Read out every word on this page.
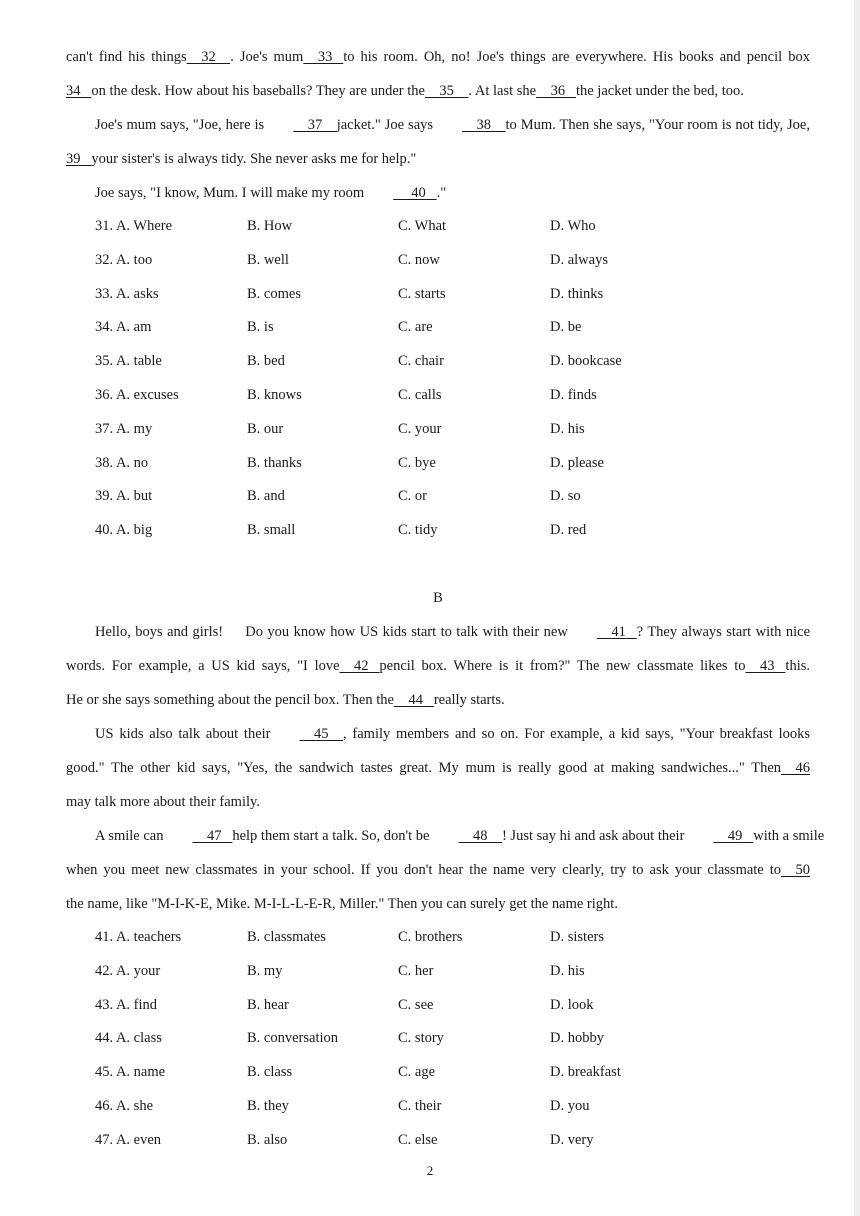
can't find his things    32    . Joe's mum    33   to his room. Oh, no! Joe's things are everywhere. His books and pencil box
34 on the desk. How about his baseballs? They are under the    35    . At last she    36   the jacket under the bed, too.
Joe's mum says, "Joe, here is    37    jacket." Joe says    38    to Mum. Then she says, "Your room is not tidy, Joe,
39 your sister's is always tidy. She never asks me for help."
Joe says, "I know, Mum. I will make my room     40   ."
31. A. Where	B. How	C. What	D. Who
32. A. too	B. well	C. now	D. always
33. A. asks	B. comes	C. starts	D. thinks
34. A. am	B. is	C. are	D. be
35. A. table	B. bed	C. chair	D. bookcase
36. A. excuses	B. knows	C. calls	D. finds
37. A. my	B. our	C. your	D. his
38. A. no	B. thanks	C. bye	D. please
39. A. but	B. and	C. or	D. so
40. A. big	B. small	C. tidy	D. red
B
Hello, boys and girls!     Do you know how US kids start to talk with their new	41 ? They always start with nice
words. For example, a US kid says, "I love 42 pencil box. Where is it from?" The new classmate likes to 43 this.
He or she says something about the pencil box. Then the 44 really starts.
US kids also talk about their	45 , family members and so on. For example, a kid says, "Your breakfast looks
good." The other kid says, "Yes, the sandwich tastes great. My mum is really good at making sandwiches..." Then 46
may talk more about their family.
A smile can	47 help them start a talk. So, don't be	48 ! Just say hi and ask about their	49 with a smile
when you meet new classmates in your school. If you don't hear the name very clearly, try to ask your classmate to 50
the name, like "M-I-K-E, Mike. M-I-L-L-E-R, Miller." Then you can surely get the name right.
41. A. teachers	B. classmates	C. brothers	D. sisters
42. A. your	B. my	C. her	D. his
43. A. find	B. hear	C. see	D. look
44. A. class	B. conversation	C. story	D. hobby
45. A. name	B. class	C. age	D. breakfast
46. A. she	B. they	C. their	D. you
47. A. even	B. also	C. else	D. very
2
